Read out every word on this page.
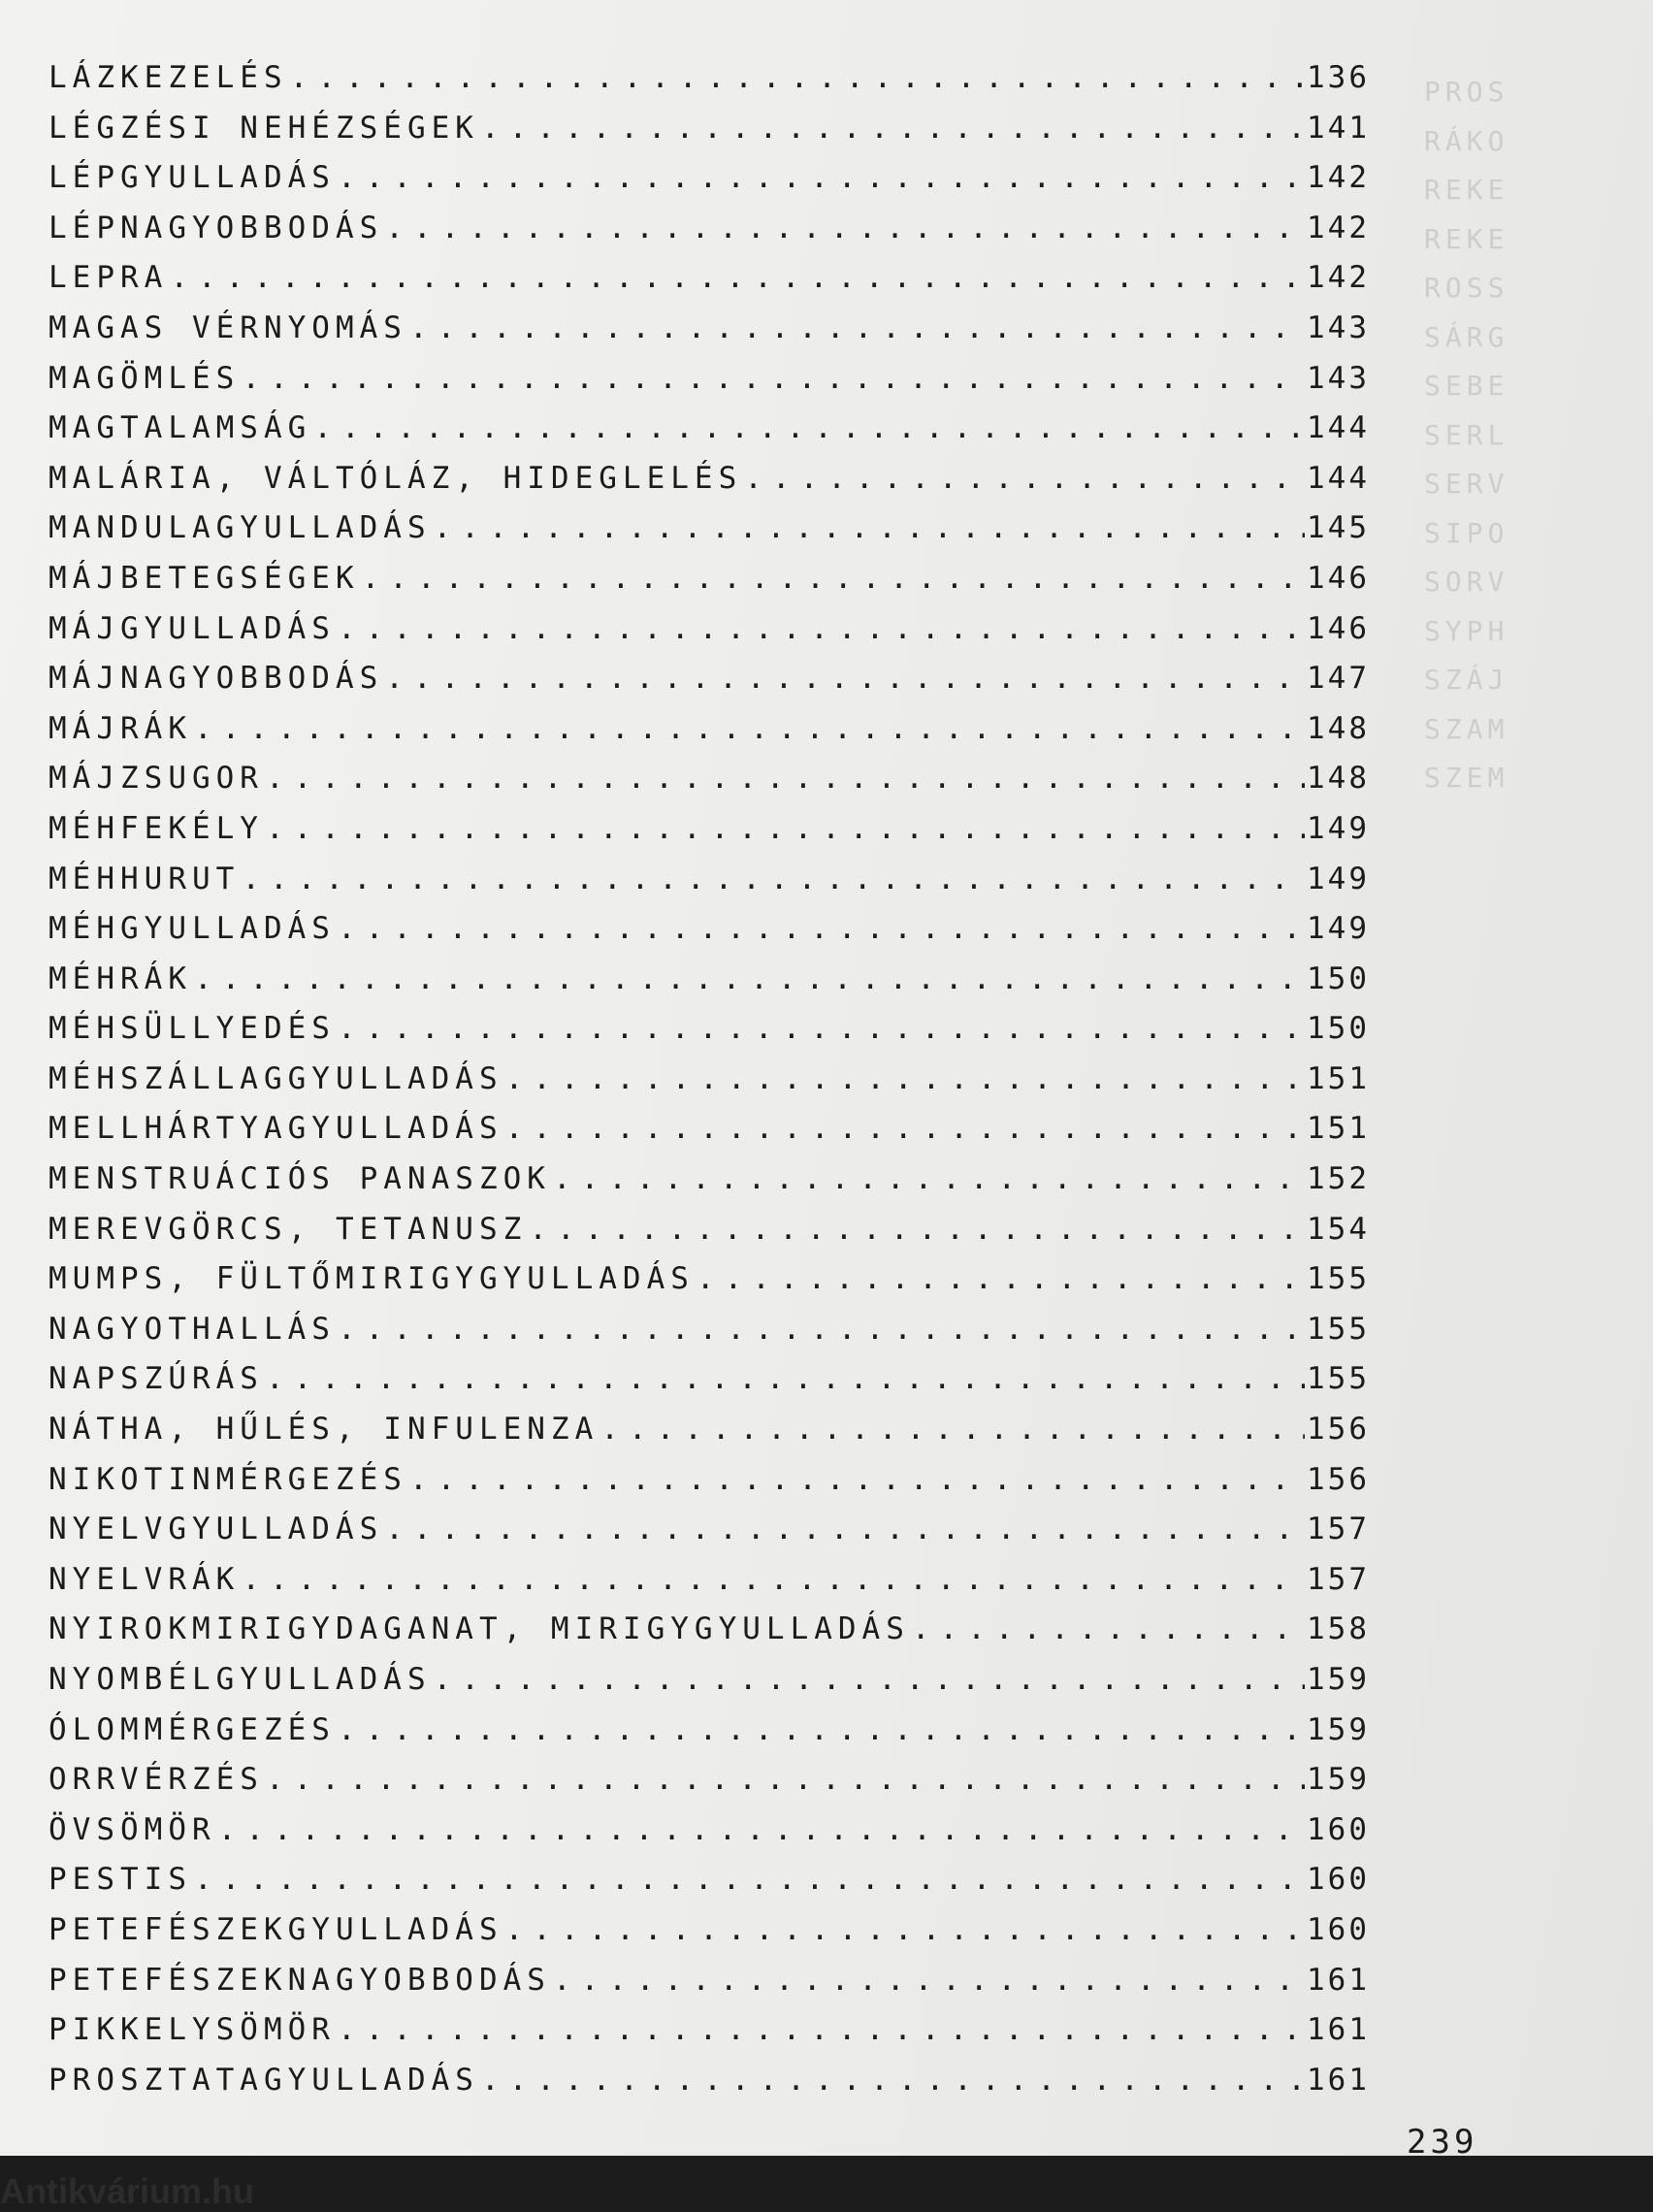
PROS
RÁKO
REKE
REKE
ROSS
SÁRG
SEBE
SERL
SERV
SIPO
SORV
SYPH
SZÁJ
SZAM
SZEM
LÁZKEZELÉS .....	136
LÉGZÉSI NEHÉZSÉGEK .....	141
LÉPGYULLADÁS .....	142
LÉPNAGYOBBODÁS .....	142
LEPRA .....	142
MAGAS VÉRNYOMÁS .....	143
MAGÖMLÉS .....	143
MAGTALAMSÁG .....	144
MALÁRIA, VÁLTÓLÁZ, HIDEGLELÉS .....	144
MANDULAGYULLADÁS .....	145
MÁJBETEGSÉGEK .....	146
MÁJGYULLADÁS .....	146
MÁJNAGYOBBODÁS .....	147
MÁJRÁK .....	148
MÁJZSUGOR .....	148
MÉHFEKÉLY .....	149
MÉHHURUT .....	149
MÉHGYULLADÁS .....	149
MÉHRÁK .....	150
MÉHSÜLLYEDÉS .....	150
MÉHSZÁLLAGGYULLADÁS .....	151
MELLHÁRTYAGYULLADÁS .....	151
MENSTRUÁCIÓS PANASZOK .....	152
MEREVGÖRCS, TETANUSZ .....	154
MUMPS, FÜLTŐMIRIGYGYULLADÁS .....	155
NAGYOTHALLÁS .....	155
NAPSZÚRÁS .....	155
NÁTHA, HŰLÉS, INFULENZA .....	156
NIKOTINMÉRGEZÉS .....	156
NYELVGYULLADÁS .....	157
NYELVRÁK .....	157
NYIROKMIRIGYDAGANAT, MIRIGYGYULLADÁS .....	158
NYOMBÉLGYULLADÁS .....	159
ÓLOMMÉRGEZÉS .....	159
ORRVÉRZÉS .....	159
ÖVSÖMÖR .....	160
PESTIS .....	160
PETEFÉSZEKGYULLADÁS .....	160
PETEFÉSZEKNAGYOBBODÁS .....	161
PIKKELYSÖMÖR .....	161
PROSZTATAGYULLADÁS .....	161
239
Antikvárium.hu
